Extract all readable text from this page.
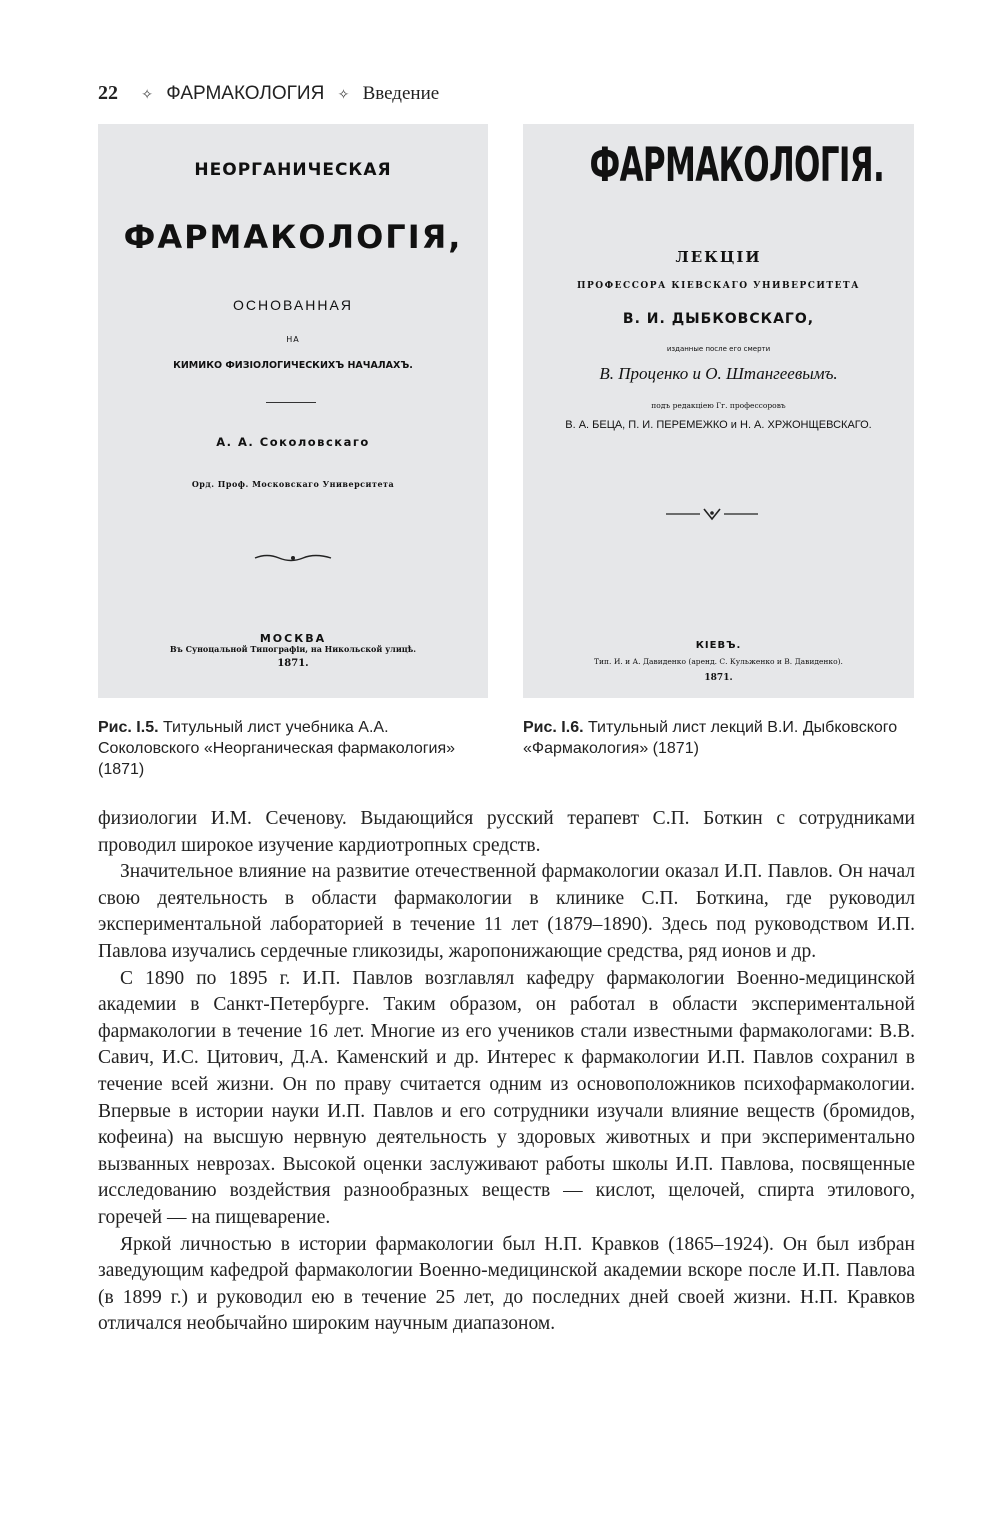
22 ✧ ФАРМАКОЛОГИЯ ✧ Введение
НЕОРГАНИЧЕСКАЯ
ФАРМАКОЛОГІЯ,
ОСНОВАННАЯ
НА
КИМИКО ФИЗІОЛОГИЧЕСКИХЪ НАЧАЛАХЪ.
А. А. Соколовскаго
Орд. Проф. Московскаго Университета
МОСКВА
Въ Суноцальной Типографіи, на Никольской улицѣ.
1871.
ФАРМАКОЛОГІЯ.
ЛЕКЦІИ
ПРОФЕССОРА КІЕВСКАГО УНИВЕРСИТЕТА
В. И. ДЫБКОВСКАГО,
изданные после его смерти
В. Проценко и О. Штангеевымъ.
подъ редакціею Гг. профессоровъ
В. А. БЕЦА, П. И. ПЕРЕМЕЖКО и Н. А. ХРЖОНЩЕВСКАГО.
КІЕВЪ.
Тип. И. и А. Давиденко (аренд. С. Кульженко и В. Давиденко).
1871.
Рис. I.5. Титульный лист учебника А.А. Соколовского «Неорганическая фармакология» (1871)
Рис. I.6. Титульный лист лекций В.И. Дыбковского «Фармакология» (1871)

физиологии И.М. Сеченову. Выдающийся русский терапевт С.П. Боткин с сотрудниками проводил широкое изучение кардиотропных средств.

Значительное влияние на развитие отечественной фармакологии оказал И.П. Павлов. Он начал свою деятельность в области фармакологии в клинике С.П. Боткина, где руководил экспериментальной лабораторией в течение 11 лет (1879–1890). Здесь под руководством И.П. Павлова изучались сердечные гликозиды, жаропонижающие средства, ряд ионов и др.

С 1890 по 1895 г. И.П. Павлов возглавлял кафедру фармакологии Военно-медицинской академии в Санкт-Петербурге. Таким образом, он работал в области экспериментальной фармакологии в течение 16 лет. Многие из его учеников стали известными фармакологами: В.В. Савич, И.С. Цитович, Д.А. Каменский и др. Интерес к фармакологии И.П. Павлов сохранил в течение всей жизни. Он по праву считается одним из основоположников психофармакологии. Впервые в истории науки И.П. Павлов и его сотрудники изучали влияние веществ (бромидов, кофеина) на высшую нервную деятельность у здоровых животных и при экспериментально вызванных неврозах. Высокой оценки заслуживают работы школы И.П. Павлова, посвященные исследованию воздействия разнообразных веществ — кислот, щелочей, спирта этилового, горечей — на пищеварение.

Яркой личностью в истории фармакологии был Н.П. Кравков (1865–1924). Он был избран заведующим кафедрой фармакологии Военно-медицинской академии вскоре после И.П. Павлова (в 1899 г.) и руководил ею в течение 25 лет, до последних дней своей жизни. Н.П. Кравков отличался необычайно широким научным диапазоном.
